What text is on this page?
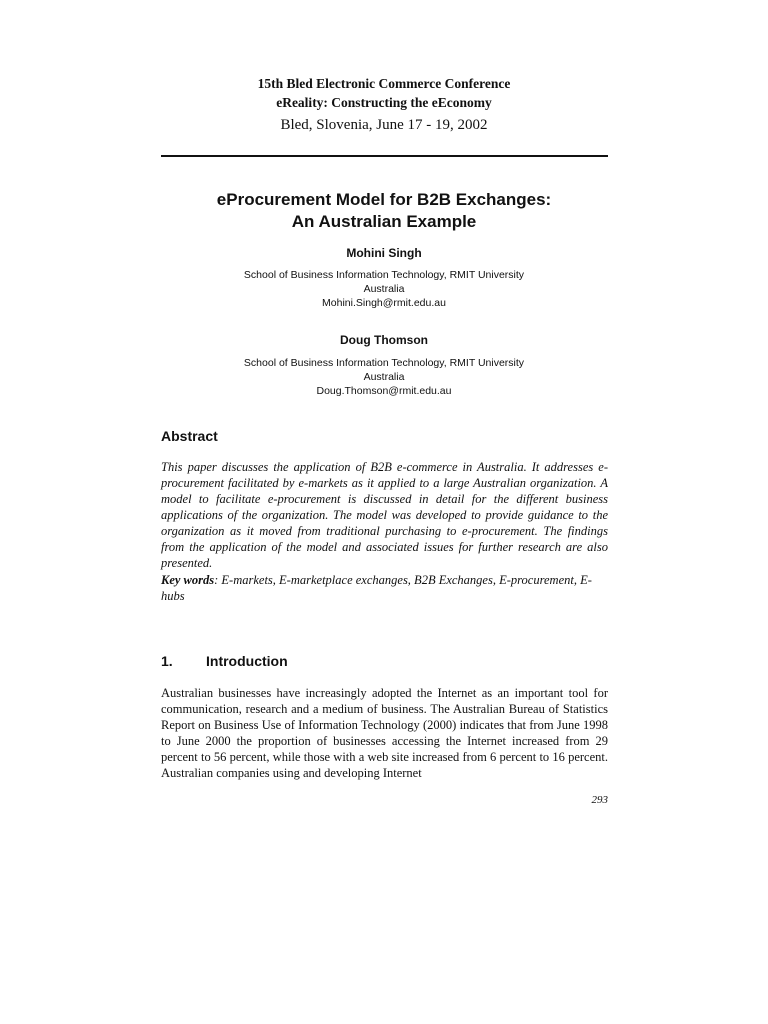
15th Bled Electronic Commerce Conference
eReality: Constructing the eEconomy
Bled, Slovenia, June 17 - 19, 2002
eProcurement Model for B2B Exchanges:
An Australian Example
Mohini Singh
School of Business Information Technology, RMIT University
Australia
Mohini.Singh@rmit.edu.au
Doug Thomson
School of Business Information Technology, RMIT University
Australia
Doug.Thomson@rmit.edu.au
Abstract

This paper discusses the application of B2B e-commerce in Australia. It addresses e-procurement facilitated by e-markets as it applied to a large Australian organization. A model to facilitate e-procurement is discussed in detail for the different business applications of the organization. The model was developed to provide guidance to the organization as it moved from traditional purchasing to e-procurement. The findings from the application of the model and associated issues for further research are also presented.

Key words: E-markets, E-marketplace exchanges, B2B Exchanges, E-procurement, E-hubs

1. Introduction

Australian businesses have increasingly adopted the Internet as an important tool for communication, research and a medium of business. The Australian Bureau of Statistics Report on Business Use of Information Technology (2000) indicates that from June 1998 to June 2000 the proportion of businesses accessing the Internet increased from 29 percent to 56 percent, while those with a web site increased from 6 percent to 16 percent. Australian companies using and developing Internet

293
